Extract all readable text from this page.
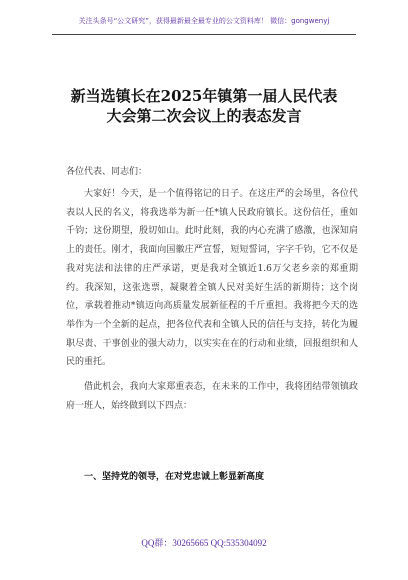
关注头条号“公文研究”，获得最新最全最专业的公文资料库！ 微信：gongwenyj
新当选镇长在2025年镇第一届人民代表
大会第二次会议上的表态发言
各位代表、同志们：

大家好！今天，是一个值得铭记的日子。在这庄严的会场里，各位代表以人民的名义，将我选举为新一任*镇人民政府镇长。这份信任，重如千钧；这份期望，殷切如山。此时此刻，我的内心充满了感激，也深知肩上的责任。刚才，我面向国徽庄严宣誓，短短誓词，字字千钧，它不仅是我对宪法和法律的庄严承诺，更是我对全镇近1.6万父老乡亲的郑重期约。我深知，这张选票，凝聚着全镇人民对美好生活的新期待；这个岗位，承载着推动*镇迈向高质量发展新征程的千斤重担。我将把今天的选举作为一个全新的起点，把各位代表和全镇人民的信任与支持，转化为履职尽责、干事创业的强大动力，以实实在在的行动和业绩，回报组织和人民的重托。

借此机会，我向大家郑重表态，在未来的工作中，我将团结带领镇政府一班人，始终做到以下四点：

一、坚持党的领导，在对党忠诚上彰显新高度
QQ群：30265665 QQ:535304092
